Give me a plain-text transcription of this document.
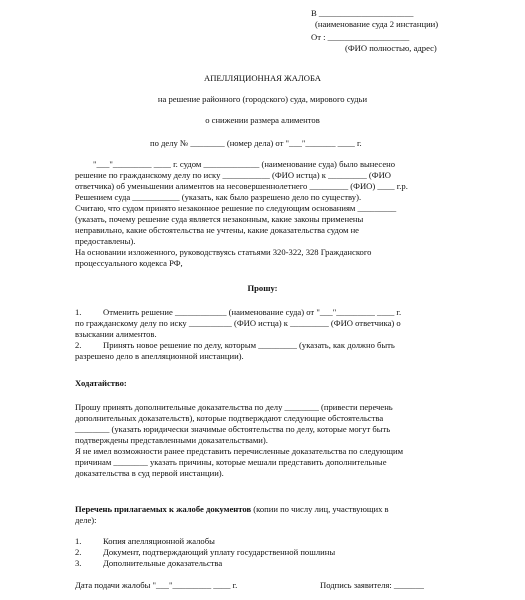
В ______________________
(наименование суда 2 инстанции)
От : ___________________
(ФИО полностью, адрес)
АПЕЛЛЯЦИОННАЯ ЖАЛОБА
на решение районного (городского) суда, мирового судьи
о снижении размера алиментов
по делу № ________ (номер дела) от "___"_______ ____ г.
"___"_________ ____ г. судом _____________ (наименование суда) было вынесено
решение по гражданскому делу по иску ___________ (ФИО истца) к _________ (ФИО
ответчика) об уменьшении алиментов на несовершеннолетнего _________ (ФИО) ____ г.р.
Решением суда ___________ (указать, как было разрешено дело по существу).
Считаю, что судом принято незаконное решение по следующим основаниям _________
(указать, почему решение суда является незаконным, какие законы применены
неправильно, какие обстоятельства не учтены, какие доказательства судом не
предоставлены).
На основании изложенного, руководствуясь статьями 320-322, 328 Гражданского
процессуального кодекса РФ,
Прошу:
1.	Отменить решение ____________ (наименование суда) от "___"_________ ____ г.
по гражданскому делу по иску __________ (ФИО истца) к _________ (ФИО ответчика) о
взыскании алиментов.
2.	Принять новое решение по делу, которым _________ (указать, как должно быть
разрешено дело в апелляционной инстанции).
Ходатайство:
Прошу принять дополнительные доказательства по делу ________ (привести перечень
дополнительных доказательств), которые подтверждают следующие обстоятельства
________ (указать юридически значимые обстоятельства по делу, которые могут быть
подтверждены представленными доказательствами).
Я не имел возможности ранее представить перечисленные доказательства по следующим
причинам ________ указать причины, которые мешали представить дополнительные
доказательства в суд первой инстанции).
Перечень прилагаемых к жалобе документов (копии по числу лиц, участвующих в
деле):
1.	Копия апелляционной жалобы
2.	Документ, подтверждающий уплату государственной пошлины
3.	Дополнительные доказательства
Дата подачи жалобы "___"_________ ____ г.	Подпись заявителя: _______
